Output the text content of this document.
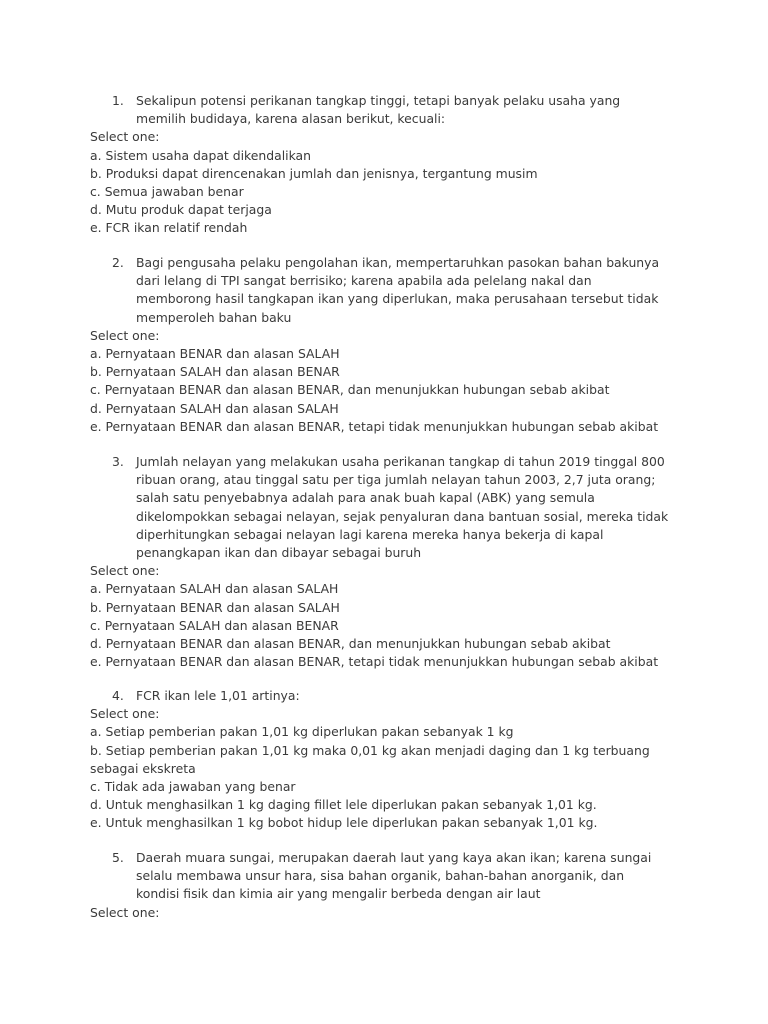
1. Sekalipun potensi perikanan tangkap tinggi, tetapi banyak pelaku usaha yang
memilih budidaya, karena alasan berikut, kecuali:
Select one:
a. Sistem usaha dapat dikendalikan
b. Produksi dapat direncenakan jumlah dan jenisnya, tergantung musim
c. Semua jawaban benar
d. Mutu produk dapat terjaga
e. FCR ikan relatif rendah
2. Bagi pengusaha pelaku pengolahan ikan, mempertaruhkan pasokan bahan bakunya
dari lelang di TPI sangat berrisiko; karena apabila ada pelelang nakal dan
memborong hasil tangkapan ikan yang diperlukan, maka perusahaan tersebut tidak
memperoleh bahan baku
Select one:
a. Pernyataan BENAR dan alasan SALAH
b. Pernyataan SALAH dan alasan BENAR
c. Pernyataan BENAR dan alasan BENAR, dan menunjukkan hubungan sebab akibat
d. Pernyataan SALAH dan alasan SALAH
e. Pernyataan BENAR dan alasan BENAR, tetapi tidak menunjukkan hubungan sebab akibat
3. Jumlah nelayan yang melakukan usaha perikanan tangkap di tahun 2019 tinggal 800
ribuan orang, atau tinggal satu per tiga jumlah nelayan tahun 2003, 2,7 juta orang;
salah satu penyebabnya adalah para anak buah kapal (ABK) yang semula
dikelompokkan sebagai nelayan, sejak penyaluran dana bantuan sosial, mereka tidak
diperhitungkan sebagai nelayan lagi karena mereka hanya bekerja di kapal
penangkapan ikan dan dibayar sebagai buruh
Select one:
a. Pernyataan SALAH dan alasan SALAH
b. Pernyataan BENAR dan alasan SALAH
c. Pernyataan SALAH dan alasan BENAR
d. Pernyataan BENAR dan alasan BENAR, dan menunjukkan hubungan sebab akibat
e. Pernyataan BENAR dan alasan BENAR, tetapi tidak menunjukkan hubungan sebab akibat
4. FCR ikan lele 1,01 artinya:
Select one:
a. Setiap pemberian pakan 1,01 kg diperlukan pakan sebanyak 1 kg
b. Setiap pemberian pakan 1,01 kg maka 0,01 kg akan menjadi daging dan 1 kg terbuang sebagai ekskreta
c. Tidak ada jawaban yang benar
d. Untuk menghasilkan 1 kg daging fillet lele diperlukan pakan sebanyak 1,01 kg.
e. Untuk menghasilkan 1 kg bobot hidup lele diperlukan pakan sebanyak 1,01 kg.
5. Daerah muara sungai, merupakan daerah laut yang kaya akan ikan; karena sungai
selalu membawa unsur hara, sisa bahan organik, bahan-bahan anorganik, dan
kondisi fisik dan kimia air yang mengalir berbeda dengan air laut
Select one:
